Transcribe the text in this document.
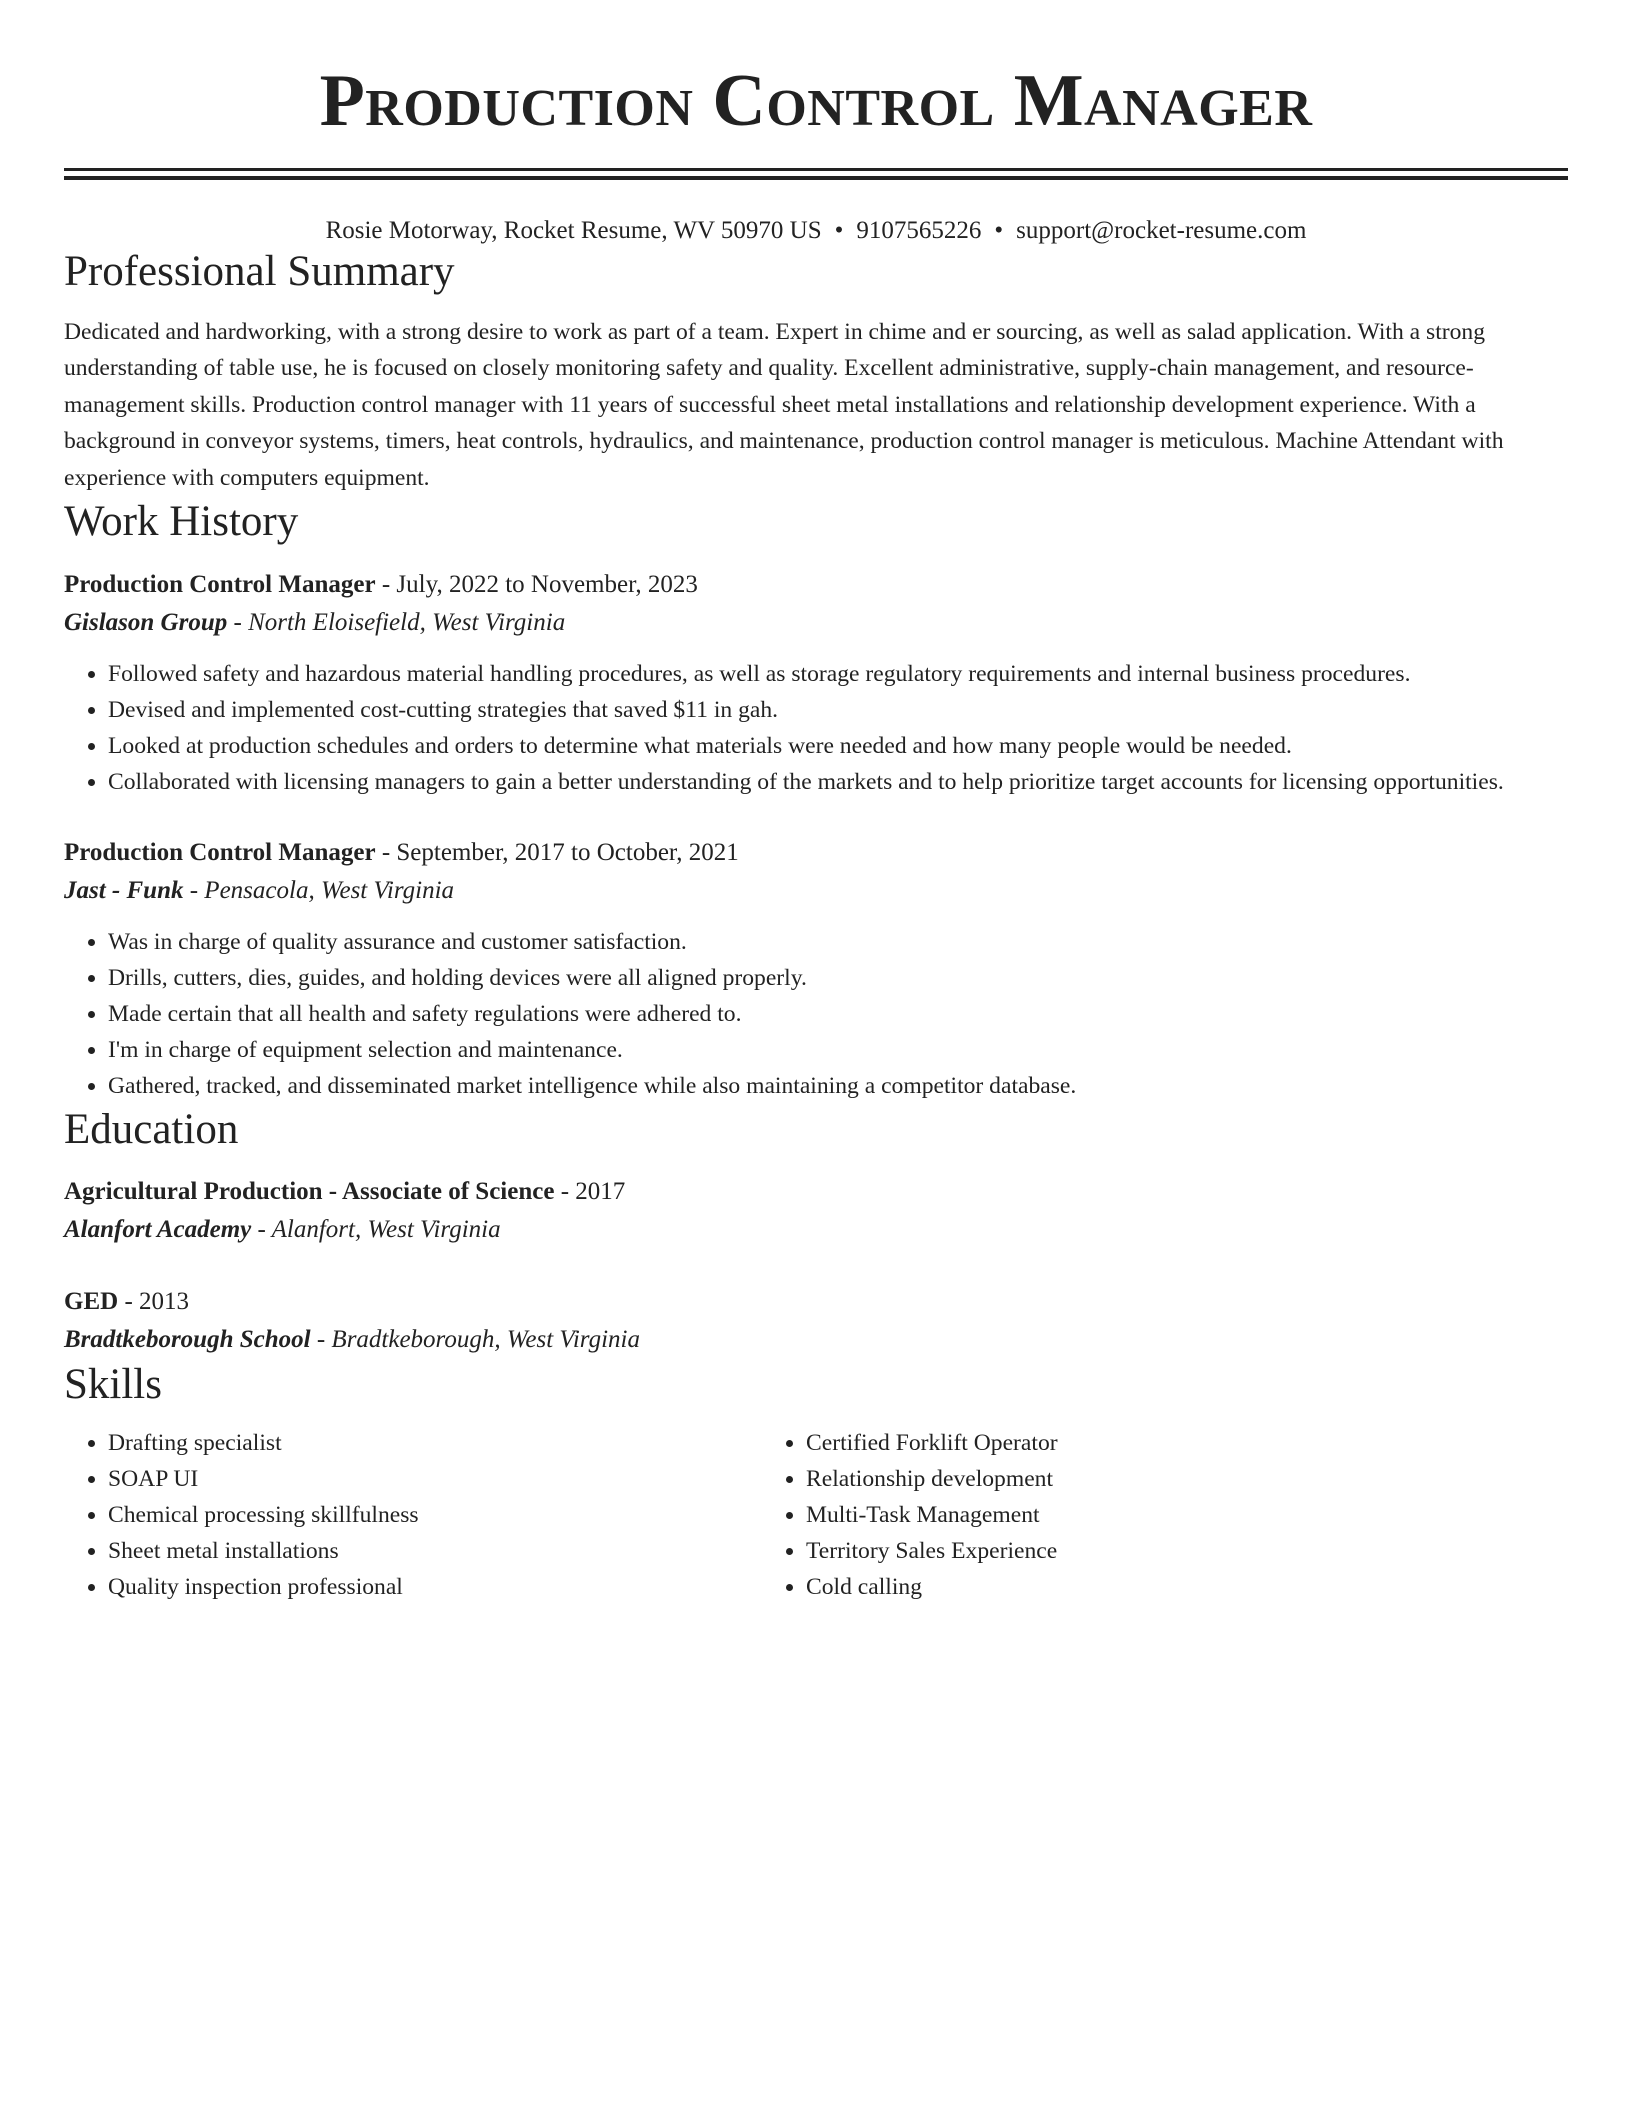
Production Control Manager
Rosie Motorway, Rocket Resume, WV 50970 US • 9107565226 • support@rocket-resume.com
Professional Summary
Dedicated and hardworking, with a strong desire to work as part of a team. Expert in chime and er sourcing, as well as salad application. With a strong understanding of table use, he is focused on closely monitoring safety and quality. Excellent administrative, supply-chain management, and resource-management skills. Production control manager with 11 years of successful sheet metal installations and relationship development experience. With a background in conveyor systems, timers, heat controls, hydraulics, and maintenance, production control manager is meticulous. Machine Attendant with experience with computers equipment.
Work History
Production Control Manager - July, 2022 to November, 2023
Gislason Group - North Eloisefield, West Virginia
• Followed safety and hazardous material handling procedures, as well as storage regulatory requirements and internal business procedures.
• Devised and implemented cost-cutting strategies that saved $11 in gah.
• Looked at production schedules and orders to determine what materials were needed and how many people would be needed.
• Collaborated with licensing managers to gain a better understanding of the markets and to help prioritize target accounts for licensing opportunities.
Production Control Manager - September, 2017 to October, 2021
Jast - Funk - Pensacola, West Virginia
• Was in charge of quality assurance and customer satisfaction.
• Drills, cutters, dies, guides, and holding devices were all aligned properly.
• Made certain that all health and safety regulations were adhered to.
• I'm in charge of equipment selection and maintenance.
• Gathered, tracked, and disseminated market intelligence while also maintaining a competitor database.
Education
Agricultural Production - Associate of Science - 2017
Alanfort Academy - Alanfort, West Virginia
GED - 2013
Bradtkeborough School - Bradtkeborough, West Virginia
Skills
• Drafting specialist
• SOAP UI
• Chemical processing skillfulness
• Sheet metal installations
• Quality inspection professional
• Certified Forklift Operator
• Relationship development
• Multi-Task Management
• Territory Sales Experience
• Cold calling
